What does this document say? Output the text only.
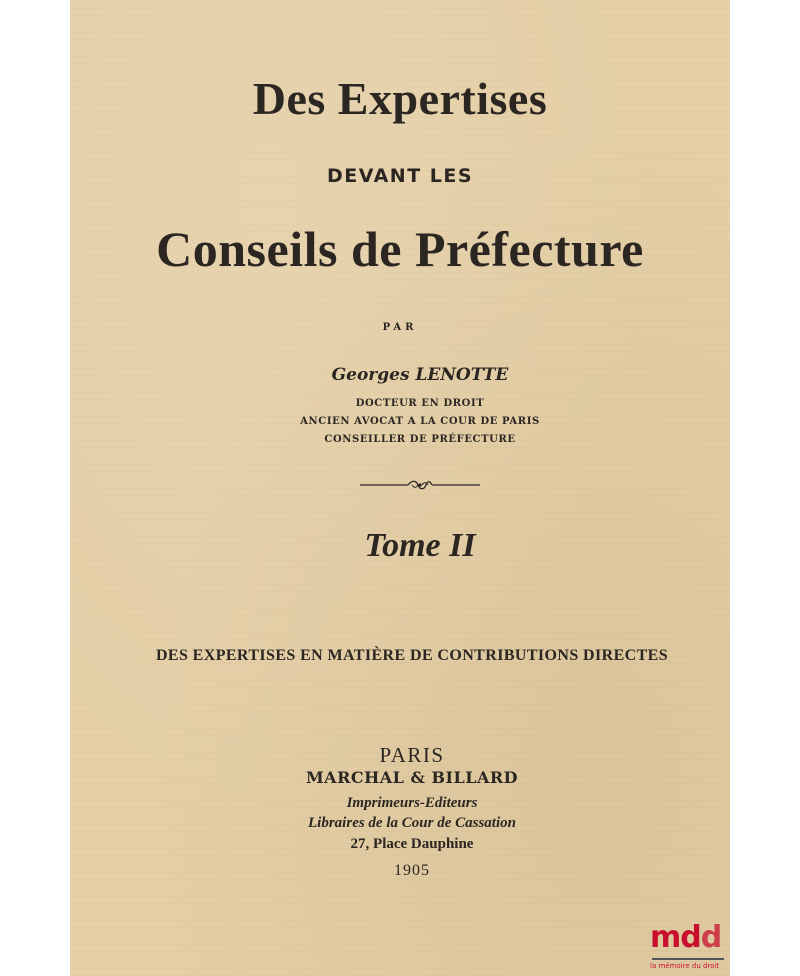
Des Expertises
DEVANT LES
Conseils de Préfecture
PAR
Georges LENOTTE
DOCTEUR EN DROIT
ANCIEN AVOCAT A LA COUR DE PARIS
CONSEILLER DE PRÉFECTURE
Tome II
DES EXPERTISES EN MATIÈRE DE CONTRIBUTIONS DIRECTES
PARIS
MARCHAL & BILLARD
Imprimeurs-Editeurs
Libraires de la Cour de Cassation
27, Place Dauphine
1905
mdd
la mémoire du droit
